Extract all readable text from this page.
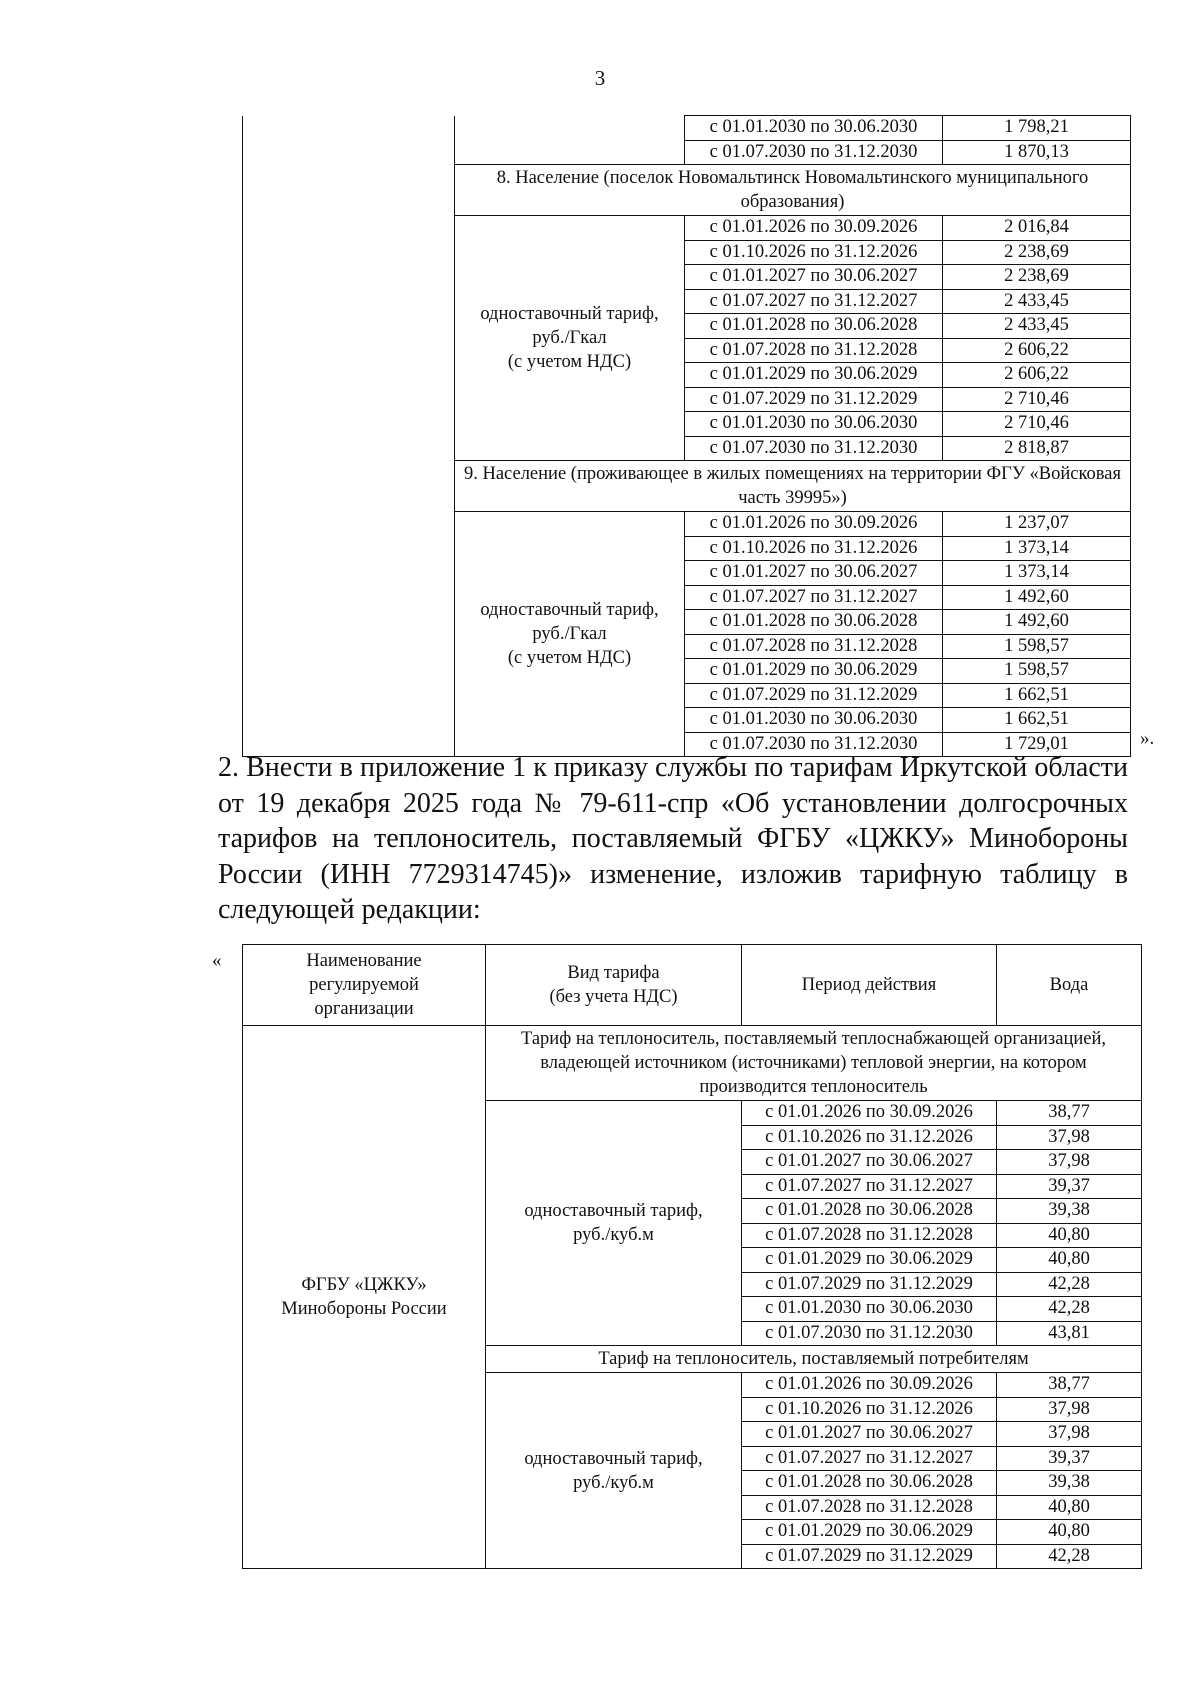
3
		с 01.01.2030 по 30.06.2030	1 798,21
		с 01.07.2030 по 31.12.2030	1 870,13
	8. Население (поселок Новомальтинск Новомальтинского муниципального образования)		

	одноставочный тариф,
руб./Гкал
(с учетом НДС)	с 01.01.2026 по 30.09.2026	2 016,84
		с 01.10.2026 по 31.12.2026	2 238,69
		с 01.01.2027 по 30.06.2027	2 238,69
		с 01.07.2027 по 31.12.2027	2 433,45
		с 01.01.2028 по 30.06.2028	2 433,45
		с 01.07.2028 по 31.12.2028	2 606,22
		с 01.01.2029 по 30.06.2029	2 606,22
		с 01.07.2029 по 31.12.2029	2 710,46
		с 01.01.2030 по 30.06.2030	2 710,46
		с 01.07.2030 по 31.12.2030	2 818,87
	9. Население (проживающее в жилых помещениях на территории ФГУ «Войсковая часть 39995»)		

	одноставочный тариф,
руб./Гкал
(с учетом НДС)	с 01.01.2026 по 30.09.2026	1 237,07
		с 01.10.2026 по 31.12.2026	1 373,14
		с 01.01.2027 по 30.06.2027	1 373,14
		с 01.07.2027 по 31.12.2027	1 492,60
		с 01.01.2028 по 30.06.2028	1 492,60
		с 01.07.2028 по 31.12.2028	1 598,57
		с 01.01.2029 по 30.06.2029	1 598,57
		с 01.07.2029 по 31.12.2029	1 662,51
		с 01.01.2030 по 30.06.2030	1 662,51
		с 01.07.2030 по 31.12.2030	1 729,01	».
2. Внести в приложение 1 к приказу службы по тарифам Иркутской области от 19 декабря 2025 года № 79-611-спр «Об установлении долгосрочных тарифов на теплоноситель, поставляемый ФГБУ «ЦЖКУ» Минобороны России (ИНН 7729314745)» изменение, изложив тарифную таблицу в следующей редакции:
«	Наименование
регулируемой
организации	Вид тарифа
(без учета НДС)	Период действия	Вода

ФГБУ «ЦЖКУ»
Минобороны России	Тариф на теплоноситель, поставляемый теплоснабжающей организацией, владеющей источником (источниками) тепловой энергии, на котором производится теплоноситель		

	одноставочный тариф,
руб./куб.м	с 01.01.2026 по 30.09.2026	38,77
		с 01.10.2026 по 31.12.2026	37,98
		с 01.01.2027 по 30.06.2027	37,98
		с 01.07.2027 по 31.12.2027	39,37
		с 01.01.2028 по 30.06.2028	39,38
		с 01.07.2028 по 31.12.2028	40,80
		с 01.01.2029 по 30.06.2029	40,80
		с 01.07.2029 по 31.12.2029	42,28
		с 01.01.2030 по 30.06.2030	42,28
		с 01.07.2030 по 31.12.2030	43,81
	Тариф на теплоноситель, поставляемый потребителям		

	одноставочный тариф,
руб./куб.м	с 01.01.2026 по 30.09.2026	38,77
		с 01.10.2026 по 31.12.2026	37,98
		с 01.01.2027 по 30.06.2027	37,98
		с 01.07.2027 по 31.12.2027	39,37
		с 01.01.2028 по 30.06.2028	39,38
		с 01.07.2028 по 31.12.2028	40,80
		с 01.01.2029 по 30.06.2029	40,80
		с 01.07.2029 по 31.12.2029	42,28
